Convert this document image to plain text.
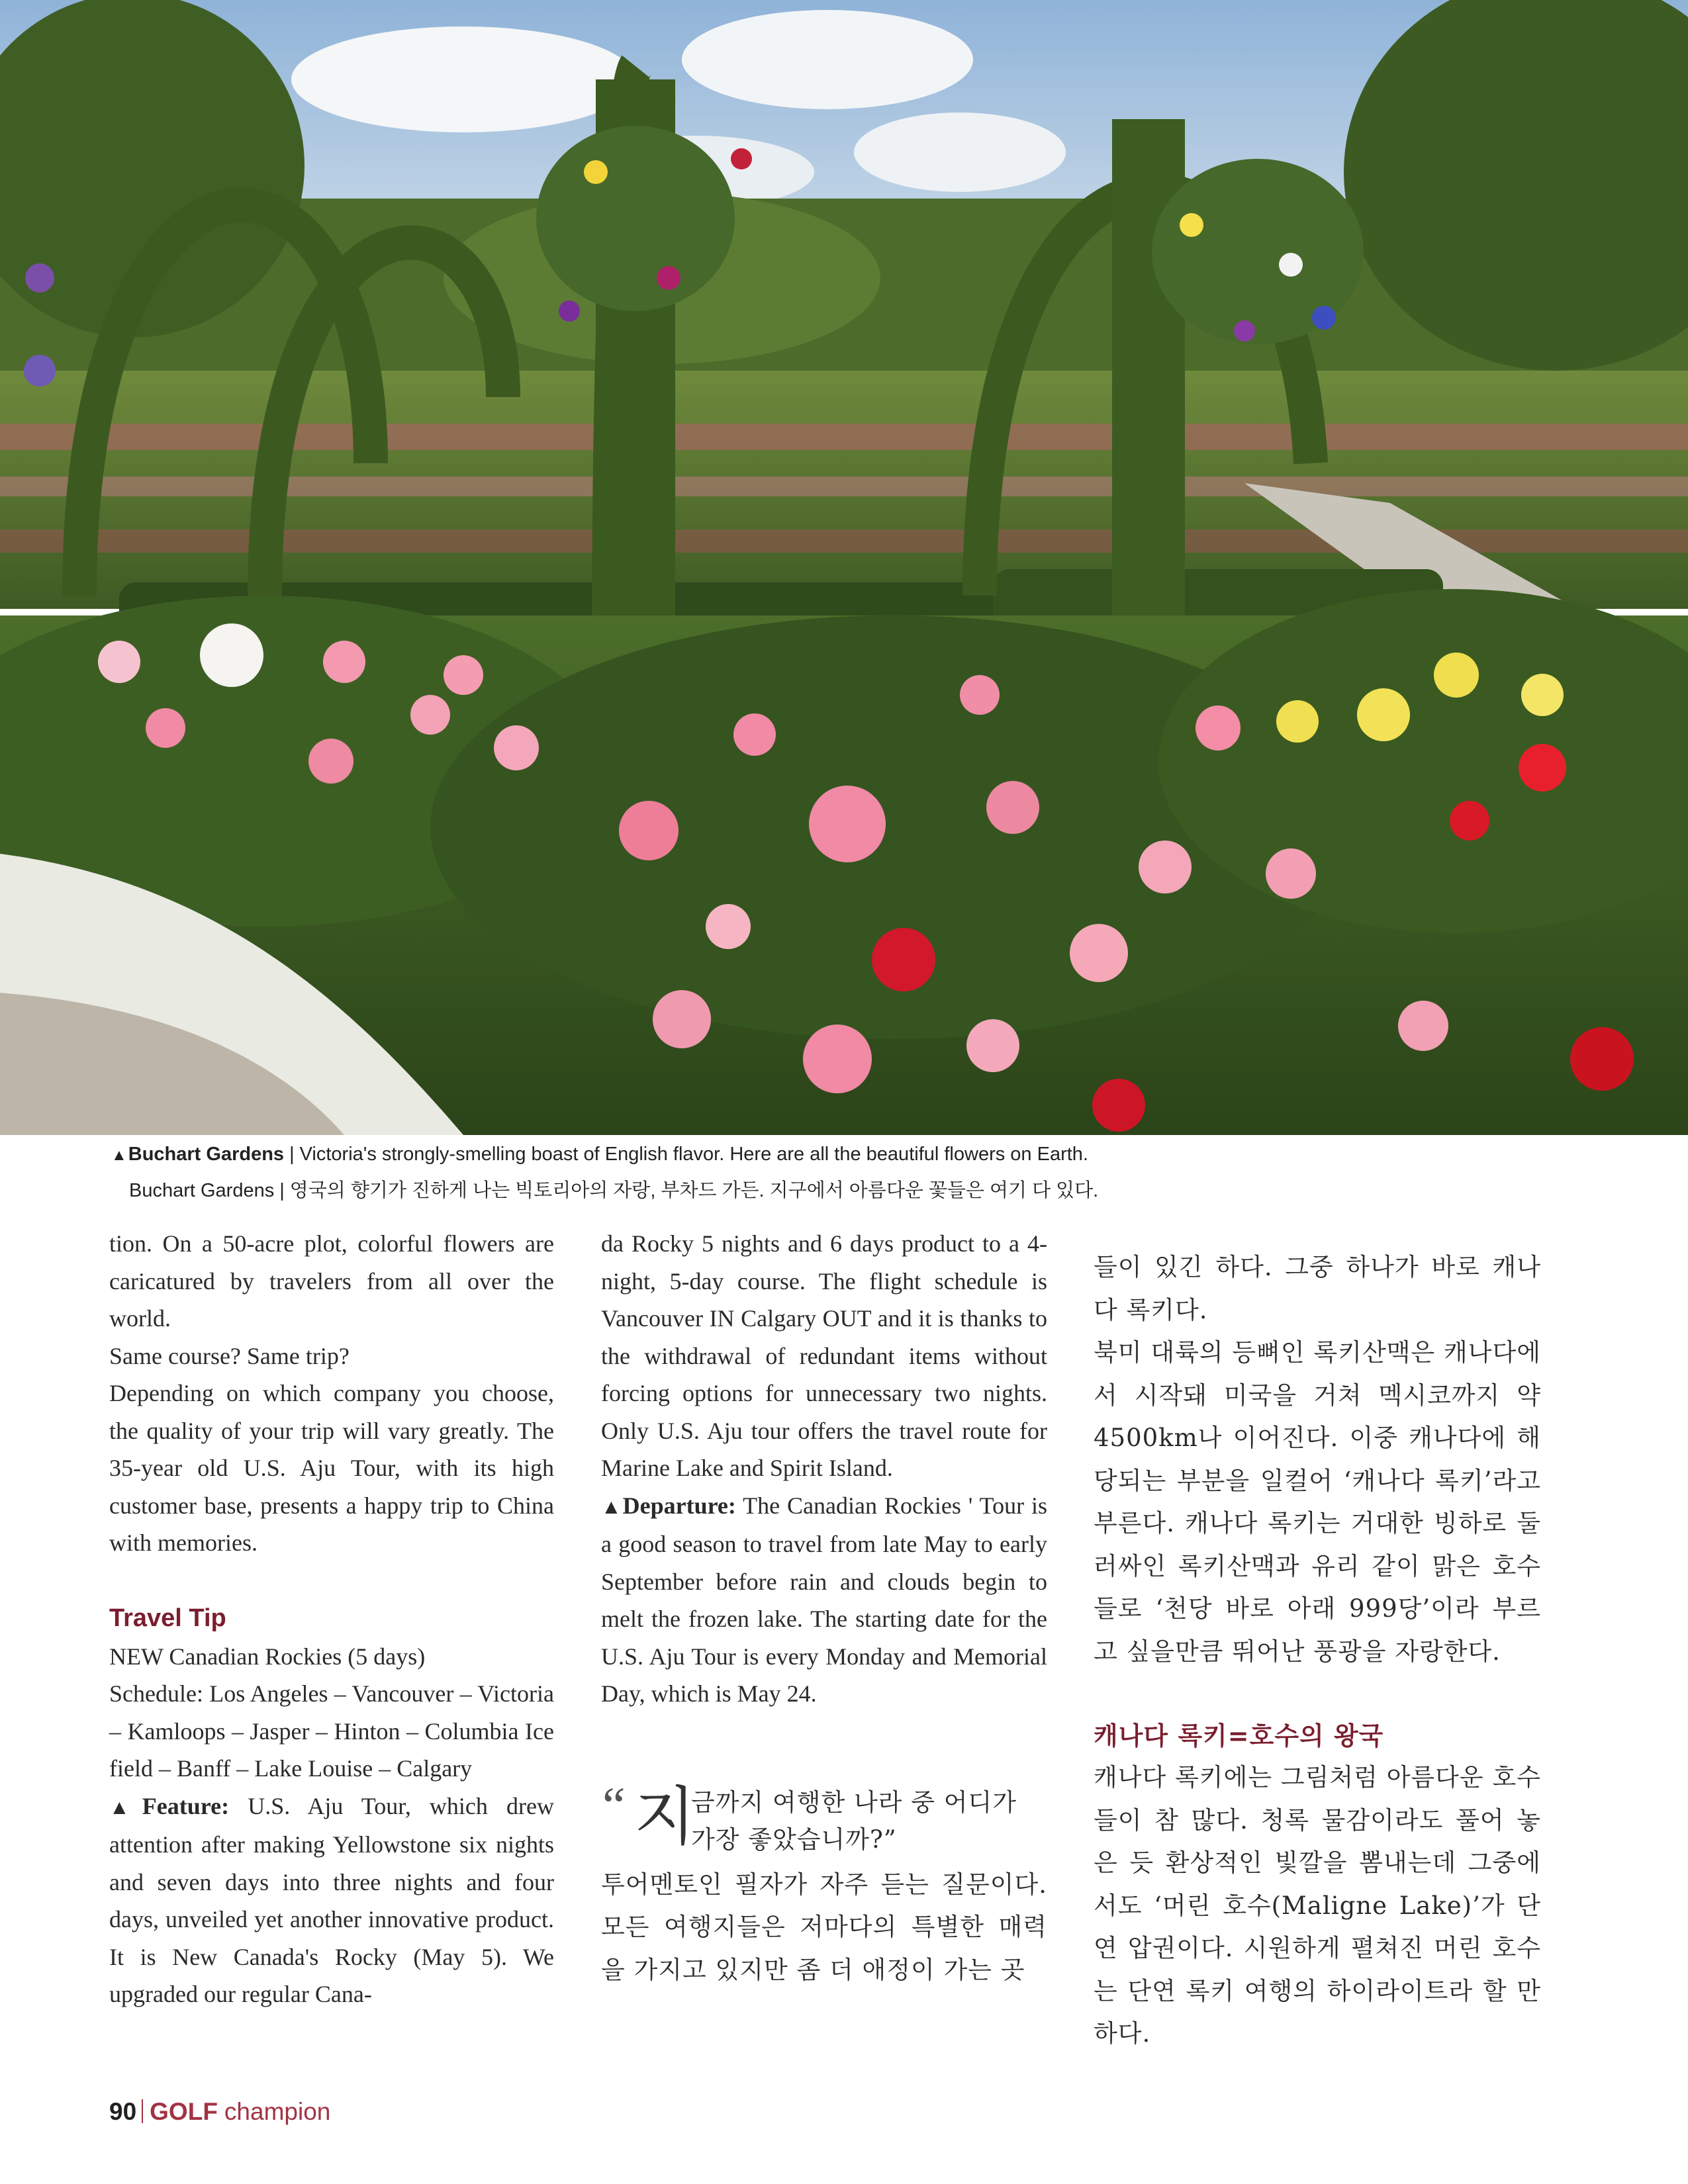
▲Buchart Gardens | Victoria's strongly-smelling boast of English flavor. Here are all the beautiful flowers on Earth.
Buchart Gardens | 영국의 향기가 진하게 나는 빅토리아의 자랑, 부차드 가든. 지구에서 아름다운 꽃들은 여기 다 있다.

tion. On a 50-acre plot, colorful flowers are caricatured by travelers from all over the world.

Same course? Same trip?

Depending on which company you choose, the quality of your trip will vary greatly. The 35-year old U.S. Aju Tour, with its high customer base, presents a happy trip to China with memories.

Travel Tip

NEW Canadian Rockies (5 days)

Schedule: Los Angeles – Vancouver – Victoria – Kamloops – Jasper – Hinton – Columbia Ice field – Banff – Lake Louise – Calgary

▲Feature: U.S. Aju Tour, which drew attention after making Yellowstone six nights and seven days into three nights and four days, unveiled yet another innovative product. It is New Canada's Rocky (May 5). We upgraded our regular Cana-

da Rocky 5 nights and 6 days product to a 4-night, 5-day course. The flight schedule is Vancouver IN Calgary OUT and it is thanks to the withdrawal of redundant items without forcing options for unnecessary two nights. Only U.S. Aju tour offers the travel route for Marine Lake and Spirit Island.

▲Departure: The Canadian Rockies ' Tour is a good season to travel from late May to early September before rain and clouds begin to melt the frozen lake. The starting date for the U.S. Aju Tour is every Monday and Memorial Day, which is May 24.

“ 지
금까지 여행한 나라 중 어디가
가장 좋았습니까?”

투어멘토인 필자가 자주 듣는 질문이다. 모든 여행지들은 저마다의 특별한 매력을 가지고 있지만 좀 더 애정이 가는 곳

들이 있긴 하다. 그중 하나가 바로 캐나다 록키다.

북미 대륙의 등뼈인 록키산맥은 캐나다에서 시작돼 미국을 거쳐 멕시코까지 약 4500km나 이어진다. 이중 캐나다에 해당되는 부분을 일컬어 ‘캐나다 록키’라고 부른다. 캐나다 록키는 거대한 빙하로 둘러싸인 록키산맥과 유리 같이 맑은 호수들로 ‘천당 바로 아래 999당’이라 부르고 싶을만큼 뛰어난 풍광을 자랑한다.

캐나다 록키=호수의 왕국

캐나다 록키에는 그림처럼 아름다운 호수들이 참 많다. 청록 물감이라도 풀어 놓은 듯 환상적인 빛깔을 뽐내는데 그중에서도 ‘머린 호수(Maligne Lake)’가 단연 압권이다. 시원하게 펼쳐진 머린 호수는 단연 록키 여행의 하이라이트라 할 만하다.

90 GOLF champion
